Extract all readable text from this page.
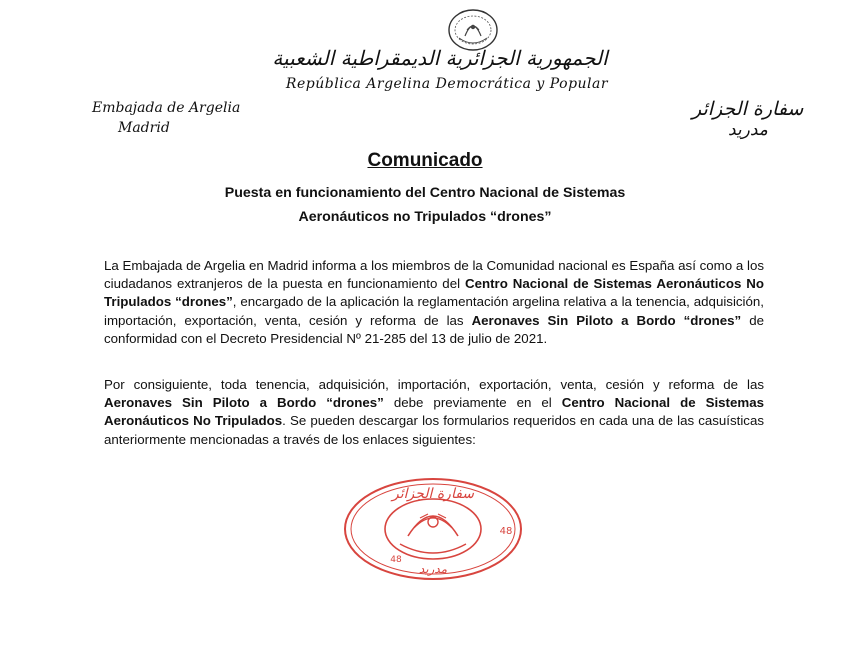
الجمهورية الجزائرية الديمقراطية الشعبية
República Argelina Democrática y Popular
Embajada de Argelia
Madrid
سفارة الجزائر
مدريد
Comunicado
Puesta en funcionamiento del Centro Nacional de Sistemas
Aeronáuticos no Tripulados “drones”
La Embajada de Argelia en Madrid informa a los miembros de la Comunidad nacional es España así como a los ciudadanos extranjeros de la puesta en funcionamiento del Centro Nacional de Sistemas Aeronáuticos No Tripulados “drones”, encargado de la aplicación la reglamentación argelina relativa a la tenencia, adquisición, importación, exportación, venta, cesión y reforma de las Aeronaves Sin Piloto a Bordo “drones” de conformidad con el Decreto Presidencial Nº 21-285 del 13 de julio de 2021.
Por consiguiente, toda tenencia, adquisición, importación, exportación, venta, cesión y reforma de las Aeronaves Sin Piloto a Bordo “drones” debe previamente en el Centro Nacional de Sistemas Aeronáuticos No Tripulados. Se pueden descargar los formularios requeridos en cada una de las casuísticas anteriormente mencionadas a través de los enlaces siguientes:
سفارة الجزائر
مدريد
48
48
